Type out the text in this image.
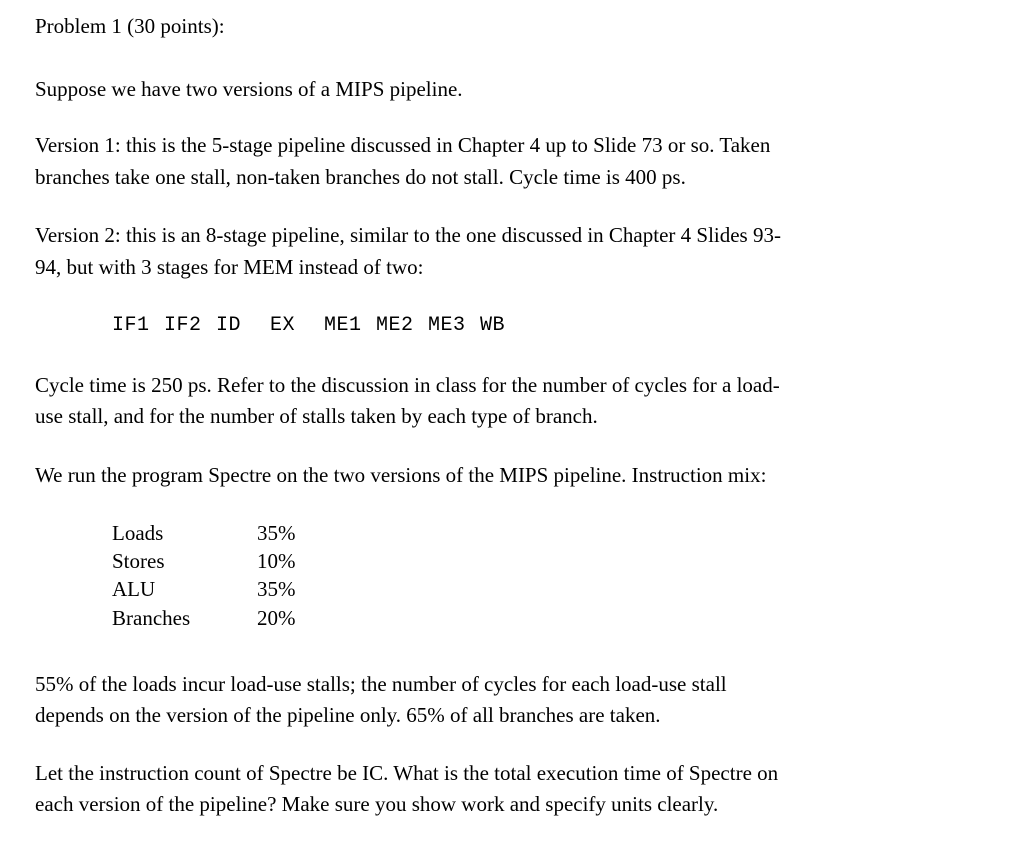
Problem 1 (30 points):
Suppose we have two versions of a MIPS pipeline.
Version 1: this is the 5-stage pipeline discussed in Chapter 4 up to Slide 73 or so. Taken
branches take one stall, non-taken branches do not stall. Cycle time is 400 ps.
Version 2: this is an 8-stage pipeline, similar to the one discussed in Chapter 4 Slides 93-
94, but with 3 stages for MEM instead of two:
IF1 IF2 ID  EX  ME1 ME2 ME3 WB
Cycle time is 250 ps. Refer to the discussion in class for the number of cycles for a load-
use stall, and for the number of stalls taken by each type of branch.
We run the program Spectre on the two versions of the MIPS pipeline. Instruction mix:
Loads	35%
Stores	10%
ALU	35%
Branches	20%
55% of the loads incur load-use stalls; the number of cycles for each load-use stall
depends on the version of the pipeline only. 65% of all branches are taken.
Let the instruction count of Spectre be IC. What is the total execution time of Spectre on
each version of the pipeline? Make sure you show work and specify units clearly.
